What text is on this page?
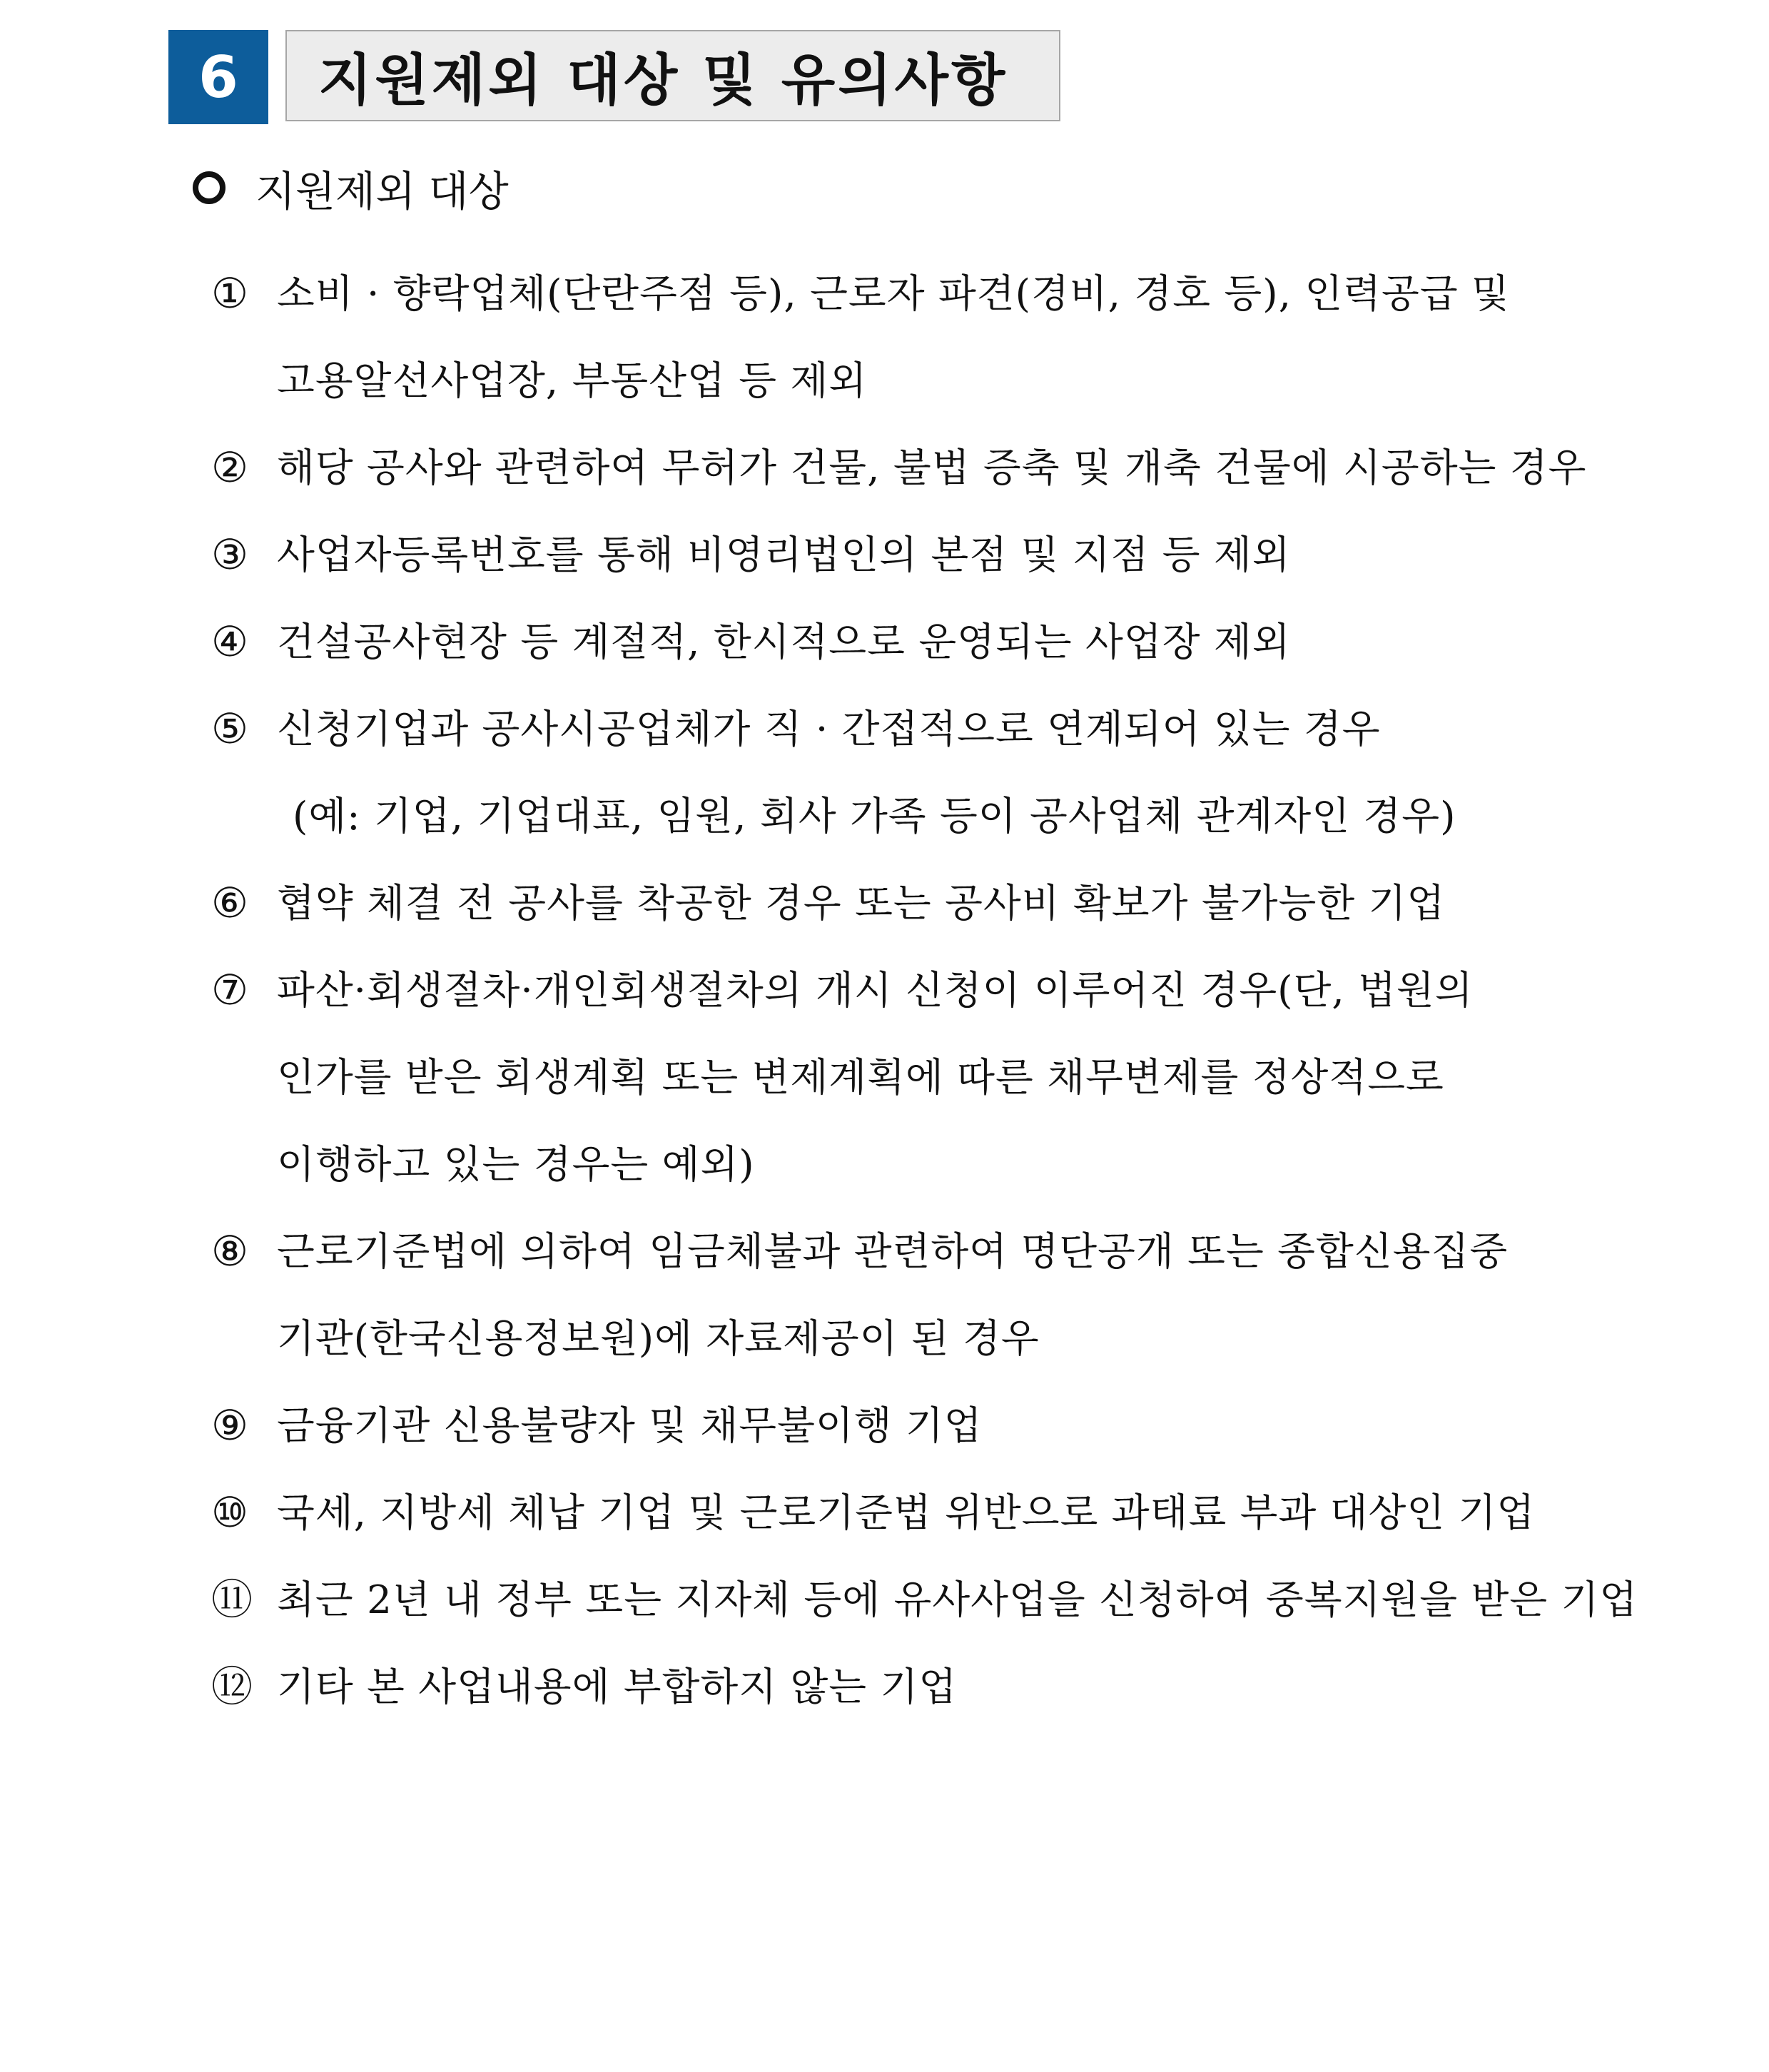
6	지원제외 대상 및 유의사항
지원제외 대상
① 소비 · 향락업체(단란주점 등), 근로자 파견(경비, 경호 등), 인력공급 및
고용알선사업장, 부동산업 등 제외
② 해당 공사와 관련하여 무허가 건물, 불법 증축 및 개축 건물에 시공하는 경우
③ 사업자등록번호를 통해 비영리법인의 본점 및 지점 등 제외
④ 건설공사현장 등 계절적, 한시적으로 운영되는 사업장 제외
⑤ 신청기업과 공사시공업체가 직 · 간접적으로 연계되어 있는 경우
(예: 기업, 기업대표, 임원, 회사 가족 등이 공사업체 관계자인 경우)
⑥ 협약 체결 전 공사를 착공한 경우 또는 공사비 확보가 불가능한 기업
⑦ 파산·회생절차·개인회생절차의 개시 신청이 이루어진 경우(단, 법원의
인가를 받은 회생계획 또는 변제계획에 따른 채무변제를 정상적으로
이행하고 있는 경우는 예외)
⑧ 근로기준법에 의하여 임금체불과 관련하여 명단공개 또는 종합신용집중
기관(한국신용정보원)에 자료제공이 된 경우
⑨ 금융기관 신용불량자 및 채무불이행 기업
⑩ 국세, 지방세 체납 기업 및 근로기준법 위반으로 과태료 부과 대상인 기업
⑪ 최근 2년 내 정부 또는 지자체 등에 유사사업을 신청하여 중복지원을 받은 기업
⑫ 기타 본 사업내용에 부합하지 않는 기업
